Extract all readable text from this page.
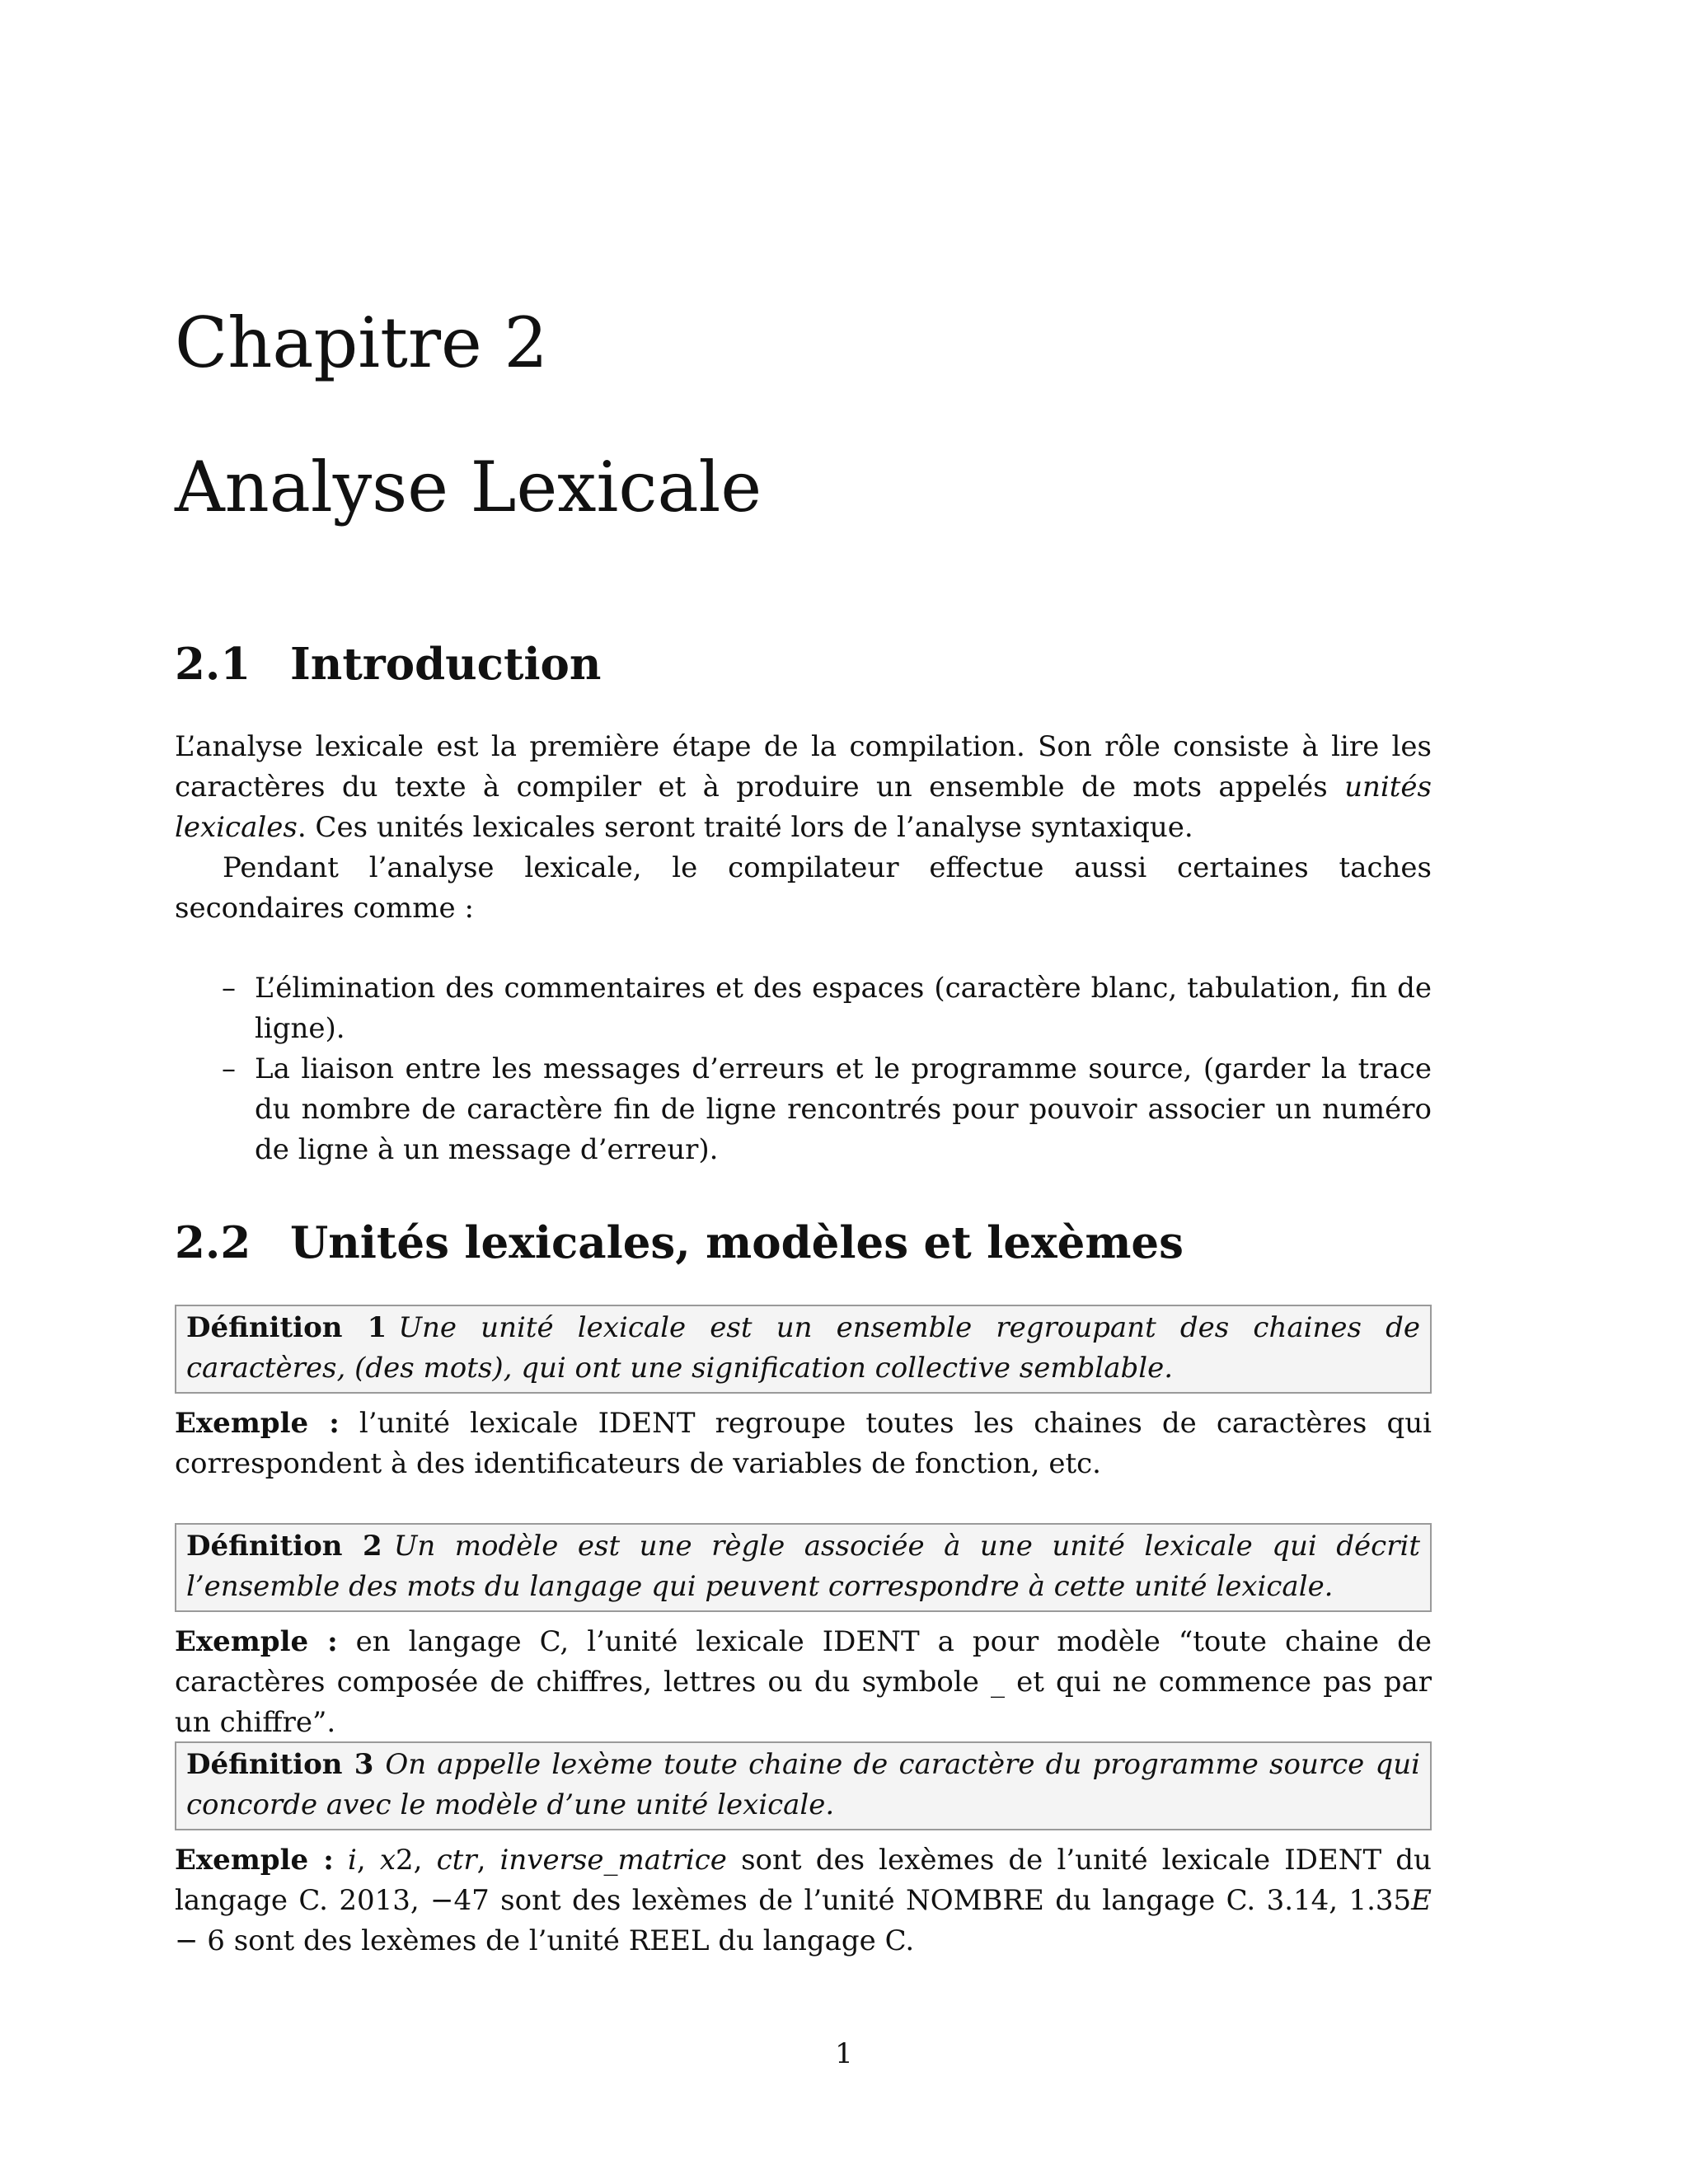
Chapitre 2
Analyse Lexicale
2.1 Introduction

L’analyse lexicale est la première étape de la compilation. Son rôle consiste à lire les caractères du texte à compiler et à produire un ensemble de mots appelés unités lexicales. Ces unités lexicales seront traité lors de l’analyse syntaxique.

Pendant l’analyse lexicale, le compilateur effectue aussi certaines taches secondaires comme :

– L’élimination des commentaires et des espaces (caractère blanc, tabulation, fin de ligne).
– La liaison entre les messages d’erreurs et le programme source, (garder la trace du nombre de caractère fin de ligne rencontrés pour pouvoir associer un numéro de ligne à un message d’erreur).
2.2 Unités lexicales, modèles et lexèmes
Définition 1 Une unité lexicale est un ensemble regroupant des chaines de caractères, (des mots), qui ont une signification collective semblable.

Exemple : l’unité lexicale IDENT regroupe toutes les chaines de caractères qui correspondent à des identificateurs de variables de fonction, etc.

Définition 2 Un modèle est une règle associée à une unité lexicale qui décrit l’ensemble des mots du langage qui peuvent correspondre à cette unité lexicale.

Exemple : en langage C, l’unité lexicale IDENT a pour modèle “toute chaine de caractères composée de chiffres, lettres ou du symbole _ et qui ne commence pas par un chiffre”.

Définition 3 On appelle lexème toute chaine de caractère du programme source qui concorde avec le modèle d’une unité lexicale.

Exemple : i, x2, ctr, inverse_matrice sont des lexèmes de l’unité lexicale IDENT du langage C. 2013, −47 sont des lexèmes de l’unité NOMBRE du langage C. 3.14, 1.35E − 6 sont des lexèmes de l’unité REEL du langage C.

1
